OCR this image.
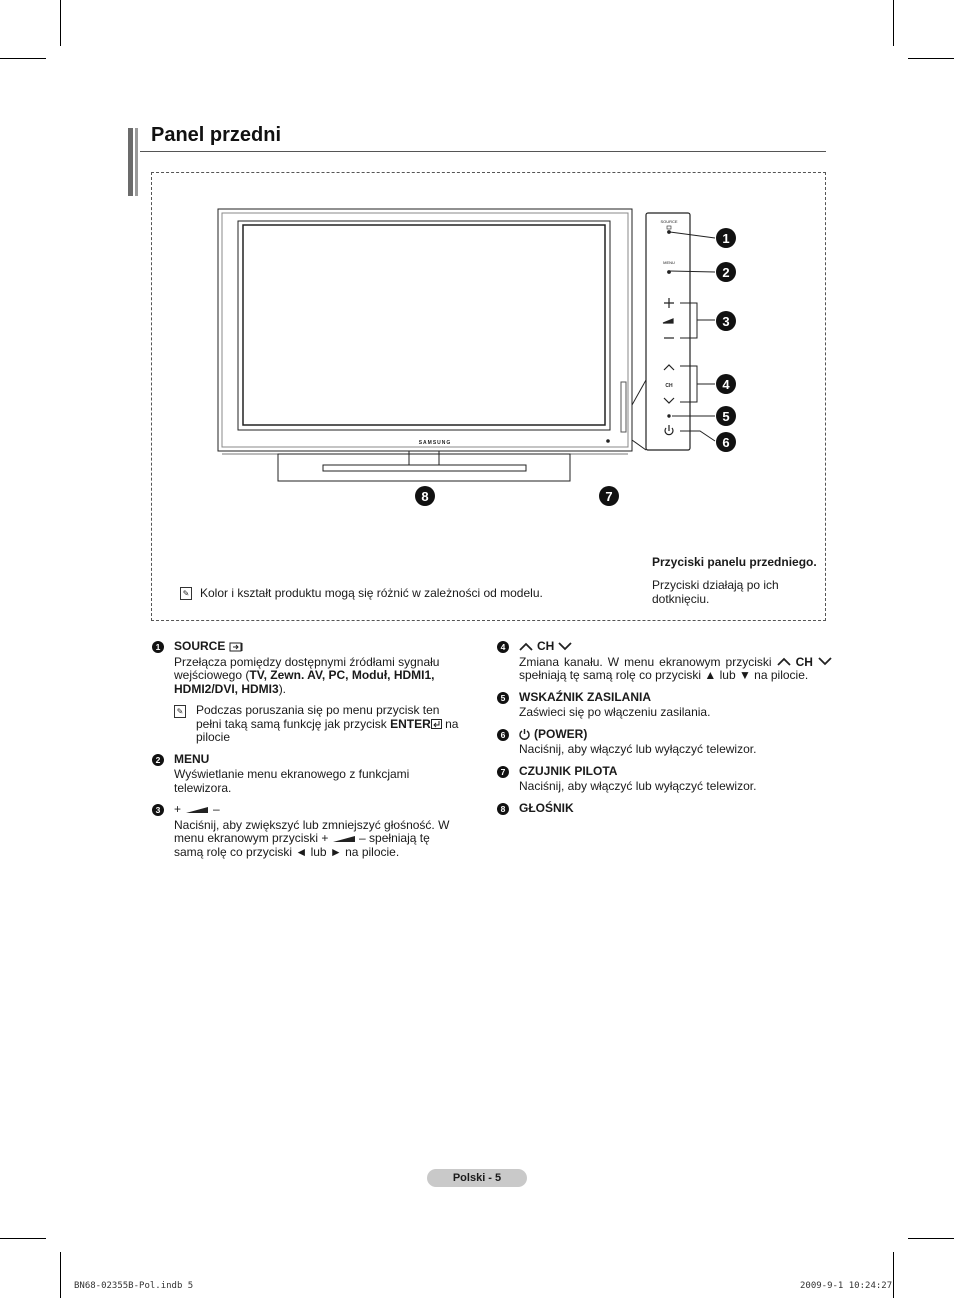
Panel przedni
SAMSUNG
SOURCE
MENU
CH
1
2
3
4
5
6
7
8
✎ Kolor i kształt produktu mogą się różnić w zależności od modelu.
Przyciski panelu przedniego.
Przyciski działają po ich dotknięciu.
1	SOURCE
Przełącza pomiędzy dostępnymi źródłami sygnału wejściowego (TV, Zewn. AV, PC, Moduł, HDMI1, HDMI2/DVI, HDMI3).
✎ Podczas poruszania się po menu przycisk ten pełni taką samą funkcję jak przycisk ENTER na pilocie
2	MENU
Wyświetlanie menu ekranowego z funkcjami telewizora.
3	+	–
Naciśnij, aby zwiększyć lub zmniejszyć głośność. W menu ekranowym przyciski +  – spełniają tę samą rolę co przyciski ◄ lub ► na pilocie.
4	CH
Zmiana kanału. W menu ekranowym przyciski  CH  spełniają tę samą rolę co przyciski ▲ lub ▼ na pilocie.
5	WSKAŹNIK ZASILANIA
Zaświeci się po włączeniu zasilania.
6	(POWER)
Naciśnij, aby włączyć lub wyłączyć telewizor.
7	CZUJNIK PILOTA
Naciśnij, aby włączyć lub wyłączyć telewizor.
8	GŁOŚNIK
Polski - 5
BN68-02355B-Pol.indb 5	2009-9-1 10:24:27
